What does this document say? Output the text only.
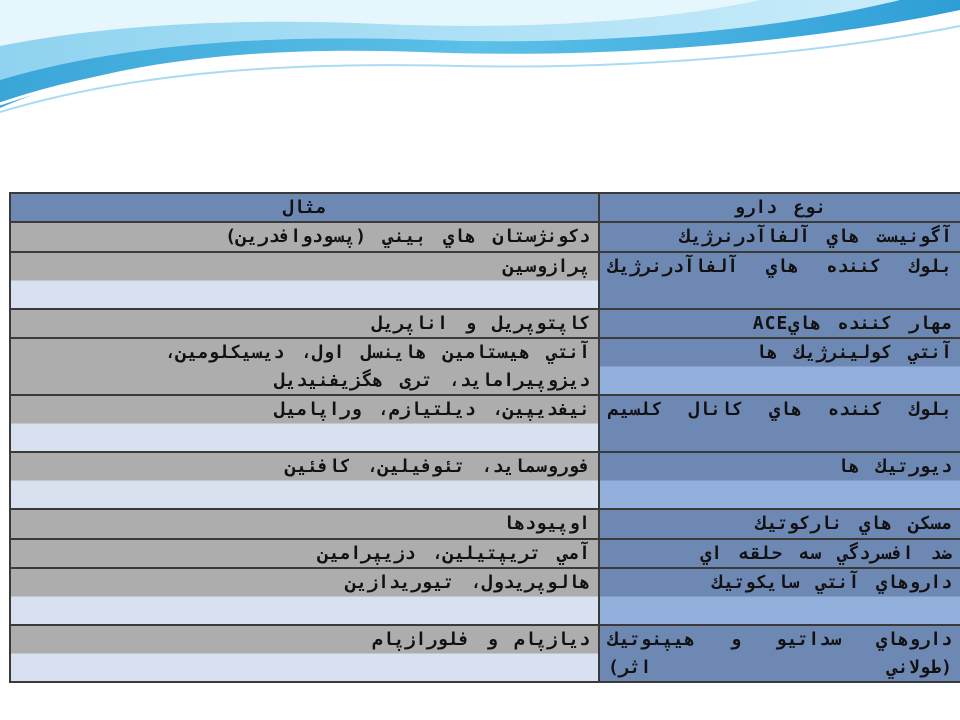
نوع دارو	مثال
آگونيست هاي آلفاآدرنرژيك	دكونژستان هاي بيني (پسودوافدرين)
بلوك كننده هاي آلفاآدرنرژيك	پرازوسين
مهار كننده هايACE	كاپتوپريل و اناپريل
آنتي كولينرژيك ها	آنتي هيستامين هاينسل اول، ديسيكلومين، ديزوپيرامايد، ترى هگزيفنيديل
بلوك كننده هاي كانال كلسيم	نيفديپين، ديلتيازم، وراپاميل
ديورتيك ها	فوروسمايد، تئوفيلين، كافئين
مسكن هاي ناركوتيك	اوپيودها
ضد افسردگي سه حلقه اي	آمي تريپتيلين، دزيپرامين
داروهاي آنتي سايكوتيك	هالوپريدول، تيوريدازين
داروهاي سداتيو و هيپنوتيك (طولاني اثر)	ديازپام و فلورازپام
